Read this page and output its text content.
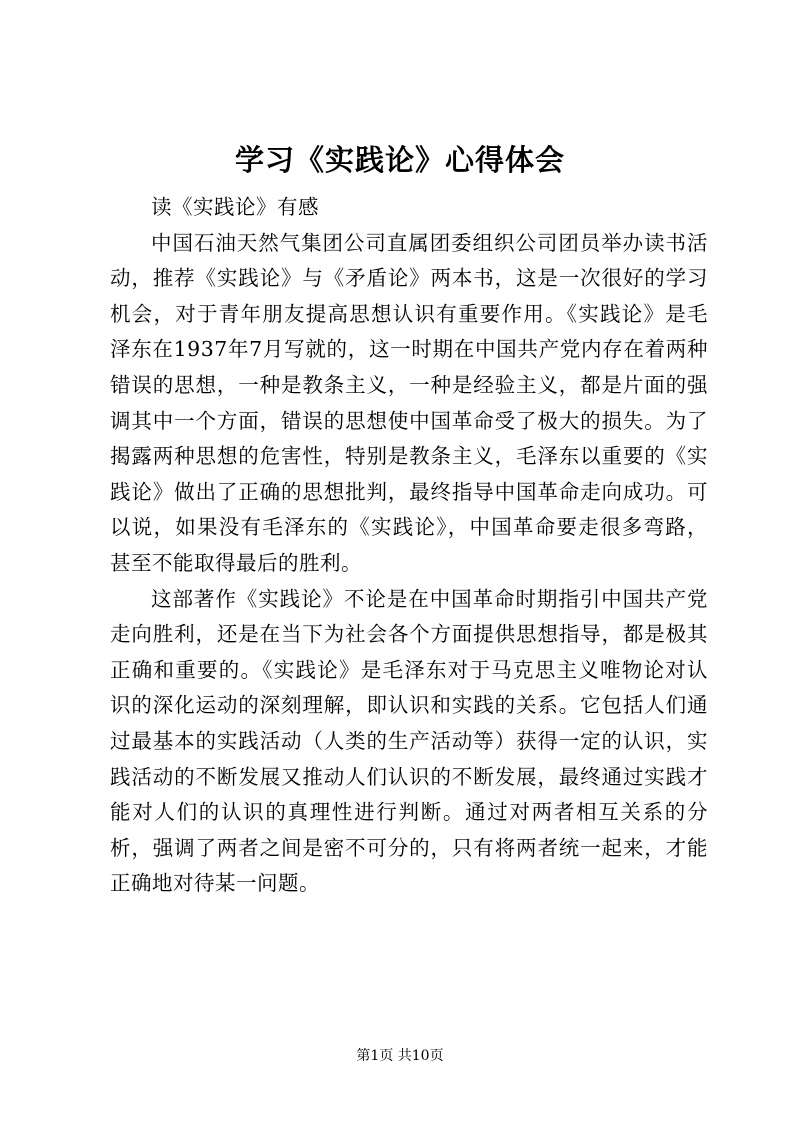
学习《实践论》心得体会

读《实践论》有感

中国石油天然气集团公司直属团委组织公司团员举办读书活动，推荐《实践论》与《矛盾论》两本书，这是一次很好的学习机会，对于青年朋友提高思想认识有重要作用。《实践论》是毛泽东在1937年7月写就的，这一时期在中国共产党内存在着两种错误的思想，一种是教条主义，一种是经验主义，都是片面的强调其中一个方面，错误的思想使中国革命受了极大的损失。为了揭露两种思想的危害性，特别是教条主义，毛泽东以重要的《实践论》做出了正确的思想批判，最终指导中国革命走向成功。可以说，如果没有毛泽东的《实践论》，中国革命要走很多弯路，甚至不能取得最后的胜利。

这部著作《实践论》不论是在中国革命时期指引中国共产党走向胜利，还是在当下为社会各个方面提供思想指导，都是极其正确和重要的。《实践论》是毛泽东对于马克思主义唯物论对认识的深化运动的深刻理解，即认识和实践的关系。它包括人们通过最基本的实践活动（人类的生产活动等）获得一定的认识，实践活动的不断发展又推动人们认识的不断发展，最终通过实践才能对人们的认识的真理性进行判断。通过对两者相互关系的分析，强调了两者之间是密不可分的，只有将两者统一起来，才能正确地对待某一问题。

第1页 共10页
